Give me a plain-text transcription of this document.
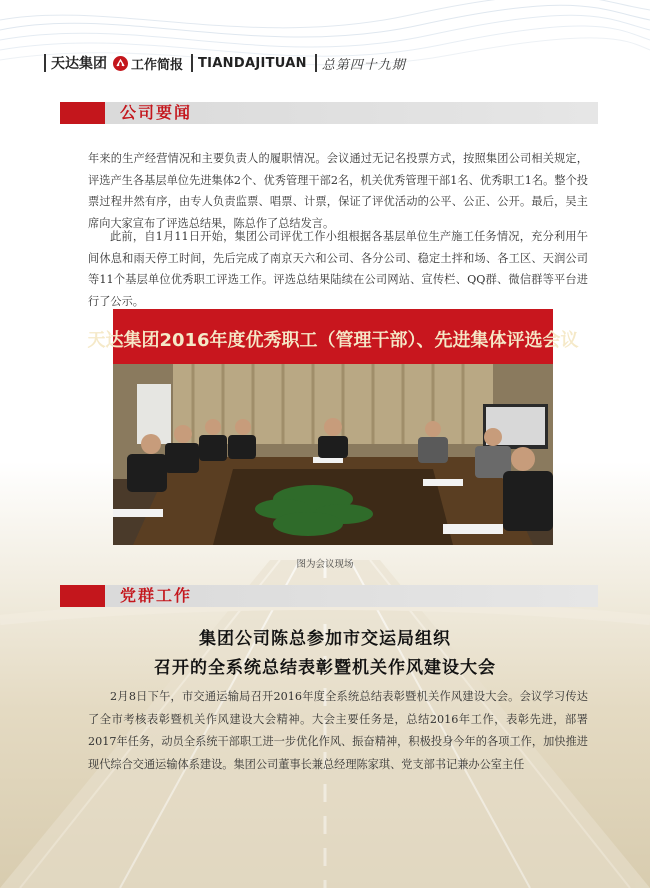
天达集团 工作简报 TIANDAJITUAN 总第四十九期
公司要闻

年来的生产经营情况和主要负责人的履职情况。会议通过无记名投票方式，按照集团公司相关规定，评选产生各基层单位先进集体2个、优秀管理干部2名，机关优秀管理干部1名、优秀职工1名。整个投票过程井然有序，由专人负责监票、唱票、计票，保证了评优活动的公平、公正、公开。最后，吴主席向大家宣布了评选总结果，陈总作了总结发言。

此前，自1月11日开始，集团公司评优工作小组根据各基层单位生产施工任务情况，充分利用午间休息和雨天停工时间，先后完成了南京天六和公司、各分公司、稳定土拌和场、各工区、天润公司等11个基层单位优秀职工评选工作。评选总结果陆续在公司网站、宣传栏、QQ群、微信群等平台进行了公示。

天达集团2016年度优秀职工（管理干部）、先进集体评选会议
图为会议现场
党群工作
集团公司陈总参加市交运局组织
召开的全系统总结表彰暨机关作风建设大会

2月8日下午，市交通运输局召开2016年度全系统总结表彰暨机关作风建设大会。会议学习传达了全市考核表彰暨机关作风建设大会精神。大会主要任务是，总结2016年工作，表彰先进，部署2017年任务，动员全系统干部职工进一步优化作风、振奋精神，积极投身今年的各项工作，加快推进现代综合交通运输体系建设。集团公司董事长兼总经理陈家琪、党支部书记兼办公室主任
